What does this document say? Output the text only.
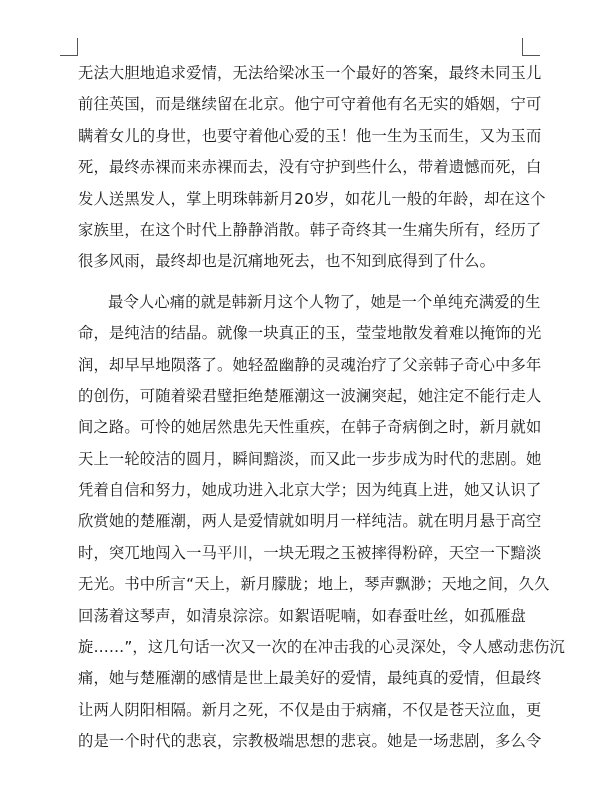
无法大胆地追求爱情，无法给梁冰玉一个最好的答案，最终未同玉儿
前往英国，而是继续留在北京。他宁可守着他有名无实的婚姻，宁可
瞒着女儿的身世，也要守着他心爱的玉！他一生为玉而生，又为玉而
死，最终赤裸而来赤裸而去，没有守护到些什么，带着遗憾而死，白
发人送黑发人，掌上明珠韩新月20岁，如花儿一般的年龄，却在这个
家族里，在这个时代上静静消散。韩子奇终其一生痛失所有，经历了
很多风雨，最终却也是沉痛地死去，也不知到底得到了什么。
最令人心痛的就是韩新月这个人物了，她是一个单纯充满爱的生
命，是纯洁的结晶。就像一块真正的玉，莹莹地散发着难以掩饰的光
润，却早早地陨落了。她轻盈幽静的灵魂治疗了父亲韩子奇心中多年
的创伤，可随着梁君璧拒绝楚雁潮这一波澜突起，她注定不能行走人
间之路。可怜的她居然患先天性重疾，在韩子奇病倒之时，新月就如
天上一轮皎洁的圆月，瞬间黯淡，而又此一步步成为时代的悲剧。她
凭着自信和努力，她成功进入北京大学；因为纯真上进，她又认识了
欣赏她的楚雁潮，两人是爱情就如明月一样纯洁。就在明月悬于高空
时，突兀地闯入一马平川，一块无瑕之玉被摔得粉碎，天空一下黯淡
无光。书中所言“天上，新月朦胧；地上，琴声飘渺；天地之间，久久
回荡着这琴声，如清泉淙淙。如絮语呢喃，如春蚕吐丝，如孤雁盘
旋……”，这几句话一次又一次的在冲击我的心灵深处，令人感动悲伤沉
痛，她与楚雁潮的感情是世上最美好的爱情，最纯真的爱情，但最终
让两人阴阳相隔。新月之死，不仅是由于病痛，不仅是苍天泣血，更
的是一个时代的悲哀，宗教极端思想的悲哀。她是一场悲剧，多么令
